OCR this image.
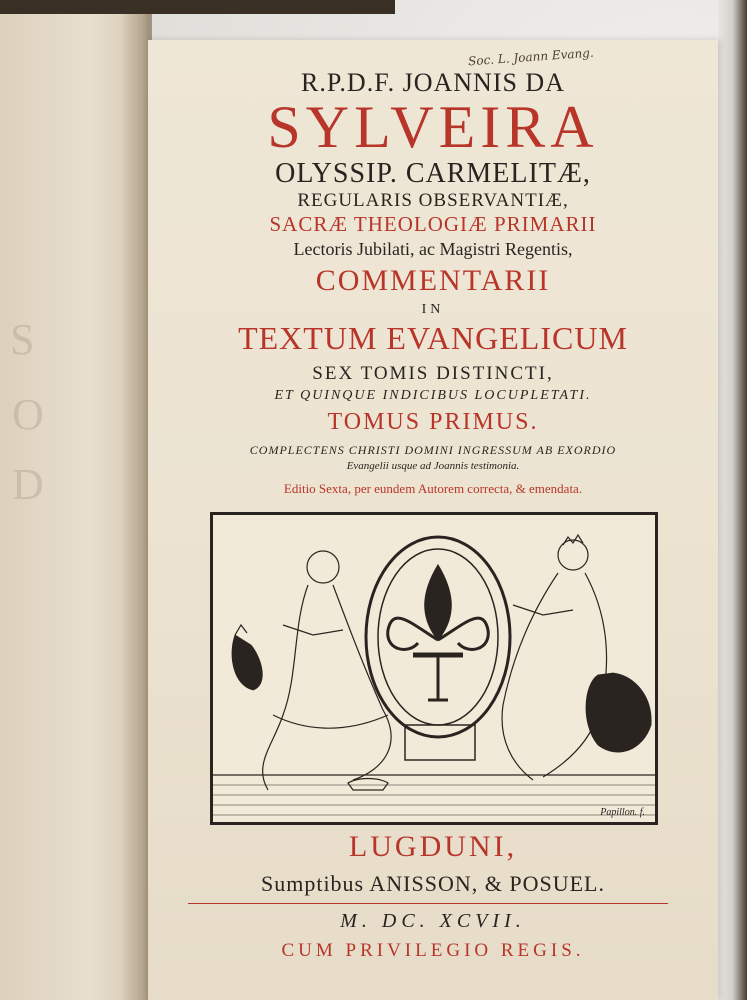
S
O
D
Soc. L. Joann Evang.
R.P.D.F. JOANNIS DA
SYLVEIRA
OLYSSIP. CARMELITÆ,
REGULARIS OBSERVANTIÆ,
SACRÆ THEOLOGIÆ PRIMARII
Lectoris Jubilati, ac Magistri Regentis,
COMMENTARII
IN
TEXTUM EVANGELICUM
SEX TOMIS DISTINCTI,
ET QUINQUE INDICIBUS LOCUPLETATI.
TOMUS PRIMUS.
COMPLECTENS CHRISTI DOMINI INGRESSUM AB EXORDIO
Evangelii usque ad Joannis testimonia.
Editio Sexta, per eundem Autorem correcta, & emendata.
Papillon. f.
LUGDUNI,
Sumptibus ANISSON, & POSUEL.
M. DC. XCVII.
CUM PRIVILEGIO REGIS.
